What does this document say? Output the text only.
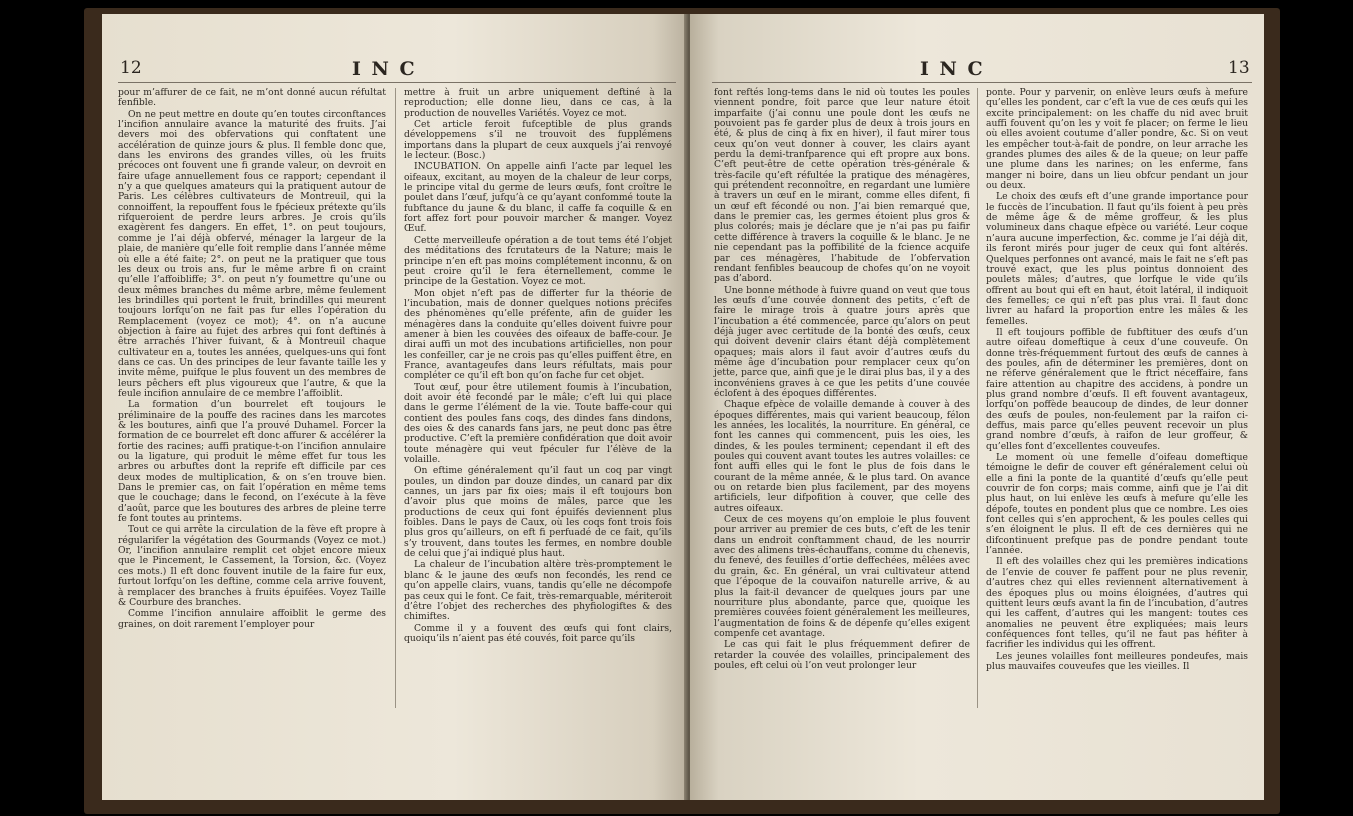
12	I N C

pour m’affurer de ce fait, ne m’ont donné aucun réfultat fenfible.

On ne peut mettre en doute qu’en toutes circonftances l’incifion annulaire avance la maturité des fruits. J’ai devers moi des obfervations qui conftatent une accélération de quinze jours & plus. Il femble donc que, dans les environs des grandes villes, où les fruits précoces ont fouvent une fi grande valeur, on devroit en faire ufage annuellement fous ce rapport; cependant il n’y a que quelques amateurs qui la pratiquent autour de Paris. Les célèbres cultivateurs de Montreuil, qui la connoiffent, la repouffent fous le fpécieux prétexte qu’ils rifqueroient de perdre leurs arbres. Je crois qu’ils exagèrent fes dangers. En effet, 1°. on peut toujours, comme je l’ai déjà obfervé, ménager la largeur de la plaie, de manière qu’elle foit remplie dans l’année même où elle a été faite; 2°. on peut ne la pratiquer que tous les deux ou trois ans, fur le même arbre fi on craint qu’elle l’affoibliffe; 3°. on peut n’y foumettre qu’une ou deux mêmes branches du même arbre, même feulement les brindilles qui portent le fruit, brindilles qui meurent toujours lorfqu’on ne fait pas fur elles l’opération du Remplacement (voyez ce mot); 4°. on n’a aucune objection à faire au fujet des arbres qui font deftinés à être arrachés l’hiver fuivant, & à Montreuil chaque cultivateur en a, toutes les années, quelques-uns qui font dans ce cas. Un des principes de leur favante taille les y invite même, puifque le plus fouvent un des membres de leurs pêchers eft plus vigoureux que l’autre, & que la feule incifion annulaire de ce membre l’affoiblit.

La formation d’un bourrelet eft toujours le préliminaire de la pouffe des racines dans les marcotes & les boutures, ainfi que l’a prouvé Duhamel. Forcer la formation de ce bourrelet eft donc affurer & accélérer la fortie des racines; auffi pratique-t-on l’incifion annulaire ou la ligature, qui produit le même effet fur tous les arbres ou arbuftes dont la reprife eft difficile par ces deux modes de multiplication, & on s’en trouve bien. Dans le premier cas, on fait l’opération en même tems que le couchage; dans le fecond, on l’exécute à la fève d’août, parce que les boutures des arbres de pleine terre fe font toutes au printems.

Tout ce qui arrête la circulation de la fève eft propre à régularifer la végétation des Gourmands (Voyez ce mot.) Or, l’incifion annulaire remplit cet objet encore mieux que le Pincement, le Cassement, la Torsion, &c. (Voyez ces mots.) Il eft donc fouvent inutile de la faire fur eux, furtout lorfqu’on les deftine, comme cela arrive fouvent, à remplacer des branches à fruits épuifées. Voyez Taille & Courbure des branches.

Comme l’incifion annulaire affoiblit le germe des graines, on doit rarement l’employer pour

mettre à fruit un arbre uniquement deftiné à la reproduction; elle donne lieu, dans ce cas, à la production de nouvelles Variétés. Voyez ce mot.

Cet article feroit fufceptible de plus grands développemens s’il ne trouvoit des fupplémens importans dans la plupart de ceux auxquels j’ai renvoyé le lecteur. (Bosc.)

INCUBATION. On appelle ainfi l’acte par lequel les oifeaux, excitant, au moyen de la chaleur de leur corps, le principe vital du germe de leurs œufs, font croître le poulet dans l’œuf, jufqu’à ce qu’ayant confommé toute la fubftance du jaune & du blanc, il caffe fa coquille & en fort affez fort pour pouvoir marcher & manger. Voyez Œuf.

Cette merveilleufe opération a de tout tems été l’objet des méditations des fcrutateurs de la Nature; mais le principe n’en eft pas moins complétement inconnu, & on peut croire qu’il le fera éternellement, comme le principe de la Gestation. Voyez ce mot.

Mon objet n’eft pas de differter fur la théorie de l’incubation, mais de donner quelques notions précifes des phénomènes qu’elle préfente, afin de guider les ménagères dans la conduite qu’elles doivent fuivre pour amener à bien les couvées des oifeaux de baffe-cour. Je dirai auffi un mot des incubations artificielles, non pour les confeiller, car je ne crois pas qu’elles puiffent être, en France, avantageufes dans leurs réfultats, mais pour compléter ce qu’il eft bon qu’on fache fur cet objet.

Tout œuf, pour être utilement foumis à l’incubation, doit avoir été fecondé par le mâle; c’eft lui qui place dans le germe l’élément de la vie. Toute baffe-cour qui contient des poules fans coqs, des dindes fans dindons, des oies & des canards fans jars, ne peut donc pas être productive. C’eft la première confidération que doit avoir toute ménagère qui veut fpéculer fur l’élève de la volaille.

On eftime généralement qu’il faut un coq par vingt poules, un dindon par douze dindes, un canard par dix cannes, un jars par fix oies; mais il eft toujours bon d’avoir plus que moins de mâles, parce que les productions de ceux qui font épuifés deviennent plus foibles. Dans le pays de Caux, où les coqs font trois fois plus gros qu’ailleurs, on eft fi perfuadé de ce fait, qu’ils s’y trouvent, dans toutes les fermes, en nombre double de celui que j’ai indiqué plus haut.

La chaleur de l’incubation altère très-promptement le blanc & le jaune des œufs non fecondés, les rend ce qu’on appelle clairs, vuans, tandis qu’elle ne décompofe pas ceux qui le font. Ce fait, très-remarquable, mériteroit d’être l’objet des recherches des phyfiologiftes & des chimiftes.

Comme il y a fouvent des œufs qui font clairs, quoiqu’ils n’aient pas été couvés, foit parce qu’ils

I N C	13

font reftés long-tems dans le nid où toutes les poules viennent pondre, foit parce que leur nature étoit imparfaite (j’ai connu une poule dont les œufs ne pouvoient pas fe garder plus de deux à trois jours en été, & plus de cinq à fix en hiver), il faut mirer tous ceux qu’on veut donner à couver, les clairs ayant perdu la demi-tranfparence qui eft propre aux bons. C’eft peut-être de cette opération très-générale & très-facile qu’eft réfultée la pratique des ménagères, qui prétendent reconnoître, en regardant une lumière à travers un œuf en le mirant, comme elles difent, fi un œuf eft fécondé ou non. J’ai bien remarqué que, dans le premier cas, les germes étoient plus gros & plus colorés; mais je déclare que je n’ai pas pu faifir cette différence à travers la coquille & le blanc. Je ne nie cependant pas la poffibilité de la fcience acquife par ces ménagères, l’habitude de l’obfervation rendant fenfibles beaucoup de chofes qu’on ne voyoit pas d’abord.

Une bonne méthode à fuivre quand on veut que tous les œufs d’une couvée donnent des petits, c’eft de faire le mirage trois à quatre jours après que l’incubation a été commencée, parce qu’alors on peut déjà juger avec certitude de la bonté des œufs, ceux qui doivent devenir clairs étant déjà complètement opaques; mais alors il faut avoir d’autres œufs du même âge d’incubation pour remplacer ceux qu’on jette, parce que, ainfi que je le dirai plus bas, il y a des inconvéniens graves à ce que les petits d’une couvée éclofent à des époques différentes.

Chaque efpèce de volaille demande à couver à des époques différentes, mais qui varient beaucoup, félon les années, les localités, la nourriture. En général, ce font les cannes qui commencent, puis les oies, les dindes, & les poules terminent; cependant il eft des poules qui couvent avant toutes les autres volailles: ce font auffi elles qui le font le plus de fois dans le courant de la même année, & le plus tard. On avance ou on retarde bien plus facilement, par des moyens artificiels, leur difpofition à couver, que celle des autres oifeaux.

Ceux de ces moyens qu’on emploie le plus fouvent pour arriver au premier de ces buts, c’eft de les tenir dans un endroit conftamment chaud, de les nourrir avec des alimens très-échauffans, comme du chenevis, du fenevé, des feuilles d’ortie deffechées, mêlées avec du grain, &c. En général, un vrai cultivateur attend que l’époque de la couvaifon naturelle arrive, & au plus la fait-il devancer de quelques jours par une nourriture plus abondante, parce que, quoique les premières couvées foient généralement les meilleures, l’augmentation de foins & de dépenfe qu’elles exigent compenfe cet avantage.

Le cas qui fait le plus fréquemment defirer de retarder la couvée des volailles, principalement des poules, eft celui où l’on veut prolonger leur

ponte. Pour y parvenir, on enlève leurs œufs à mefure qu’elles les pondent, car c’eft la vue de ces œufs qui les excite principalement: on les chaffe du nid avec bruit auffi fouvent qu’on les y voit fe placer; on ferme le lieu où elles avoient coutume d’aller pondre, &c. Si on veut les empêcher tout-à-fait de pondre, on leur arrache les grandes plumes des ailes & de la queue; on leur paffe une plume dans les narines; on les enferme, fans manger ni boire, dans un lieu obfcur pendant un jour ou deux.

Le choix des œufs eft d’une grande importance pour le fuccès de l’incubation. Il faut qu’ils foient à peu près de même âge & de même groffeur, & les plus volumineux dans chaque efpèce ou variété. Leur coque n’aura aucune imperfection, &c. comme je l’ai déjà dit, ils feront mirés pour juger de ceux qui font altérés. Quelques perfonnes ont avancé, mais le fait ne s’eft pas trouvé exact, que les plus pointus donnoient des poulets mâles; d’autres, que lorfque le vide qu’ils offrent au bout qui eft en haut, étoit latéral, il indiquoit des femelles; ce qui n’eft pas plus vrai. Il faut donc livrer au hafard la proportion entre les mâles & les femelles.

Il eft toujours poffible de fubftituer des œufs d’un autre oifeau domeftique à ceux d’une couveufe. On donne très-fréquemment furtout des œufs de cannes à des poules, afin de déterminer les premières, dont on ne réferve généralement que le ftrict néceffaire, fans faire attention au chapitre des accidens, à pondre un plus grand nombre d’œufs. Il eft fouvent avantageux, lorfqu’on poffède beaucoup de dindes, de leur donner des œufs de poules, non-feulement par la raifon ci-deffus, mais parce qu’elles peuvent recevoir un plus grand nombre d’œufs, à raifon de leur groffeur, & qu’elles font d’excellentes couveufes.

Le moment où une femelle d’oifeau domeftique témoigne le defir de couver eft généralement celui où elle a fini la ponte de la quantité d’œufs qu’elle peut couvrir de fon corps; mais comme, ainfi que je l’ai dit plus haut, on lui enlève les œufs à mefure qu’elle les dépofe, toutes en pondent plus que ce nombre. Les oies font celles qui s’en approchent, & les poules celles qui s’en éloignent le plus. Il eft de ces dernières qui ne difcontinuent prefque pas de pondre pendant toute l’année.

Il eft des volailles chez qui les premières indications de l’envie de couver fe paffent pour ne plus revenir, d’autres chez qui elles reviennent alternativement à des époques plus ou moins éloignées, d’autres qui quittent leurs œufs avant la fin de l’incubation, d’autres qui les caffent, d’autres qui les mangent: toutes ces anomalies ne peuvent être expliquées; mais leurs conféquences font telles, qu’il ne faut pas héfiter à facrifier les individus qui les offrent.

Les jeunes volailles font meilleures pondeufes, mais plus mauvaifes couveufes que les vieilles. Il
